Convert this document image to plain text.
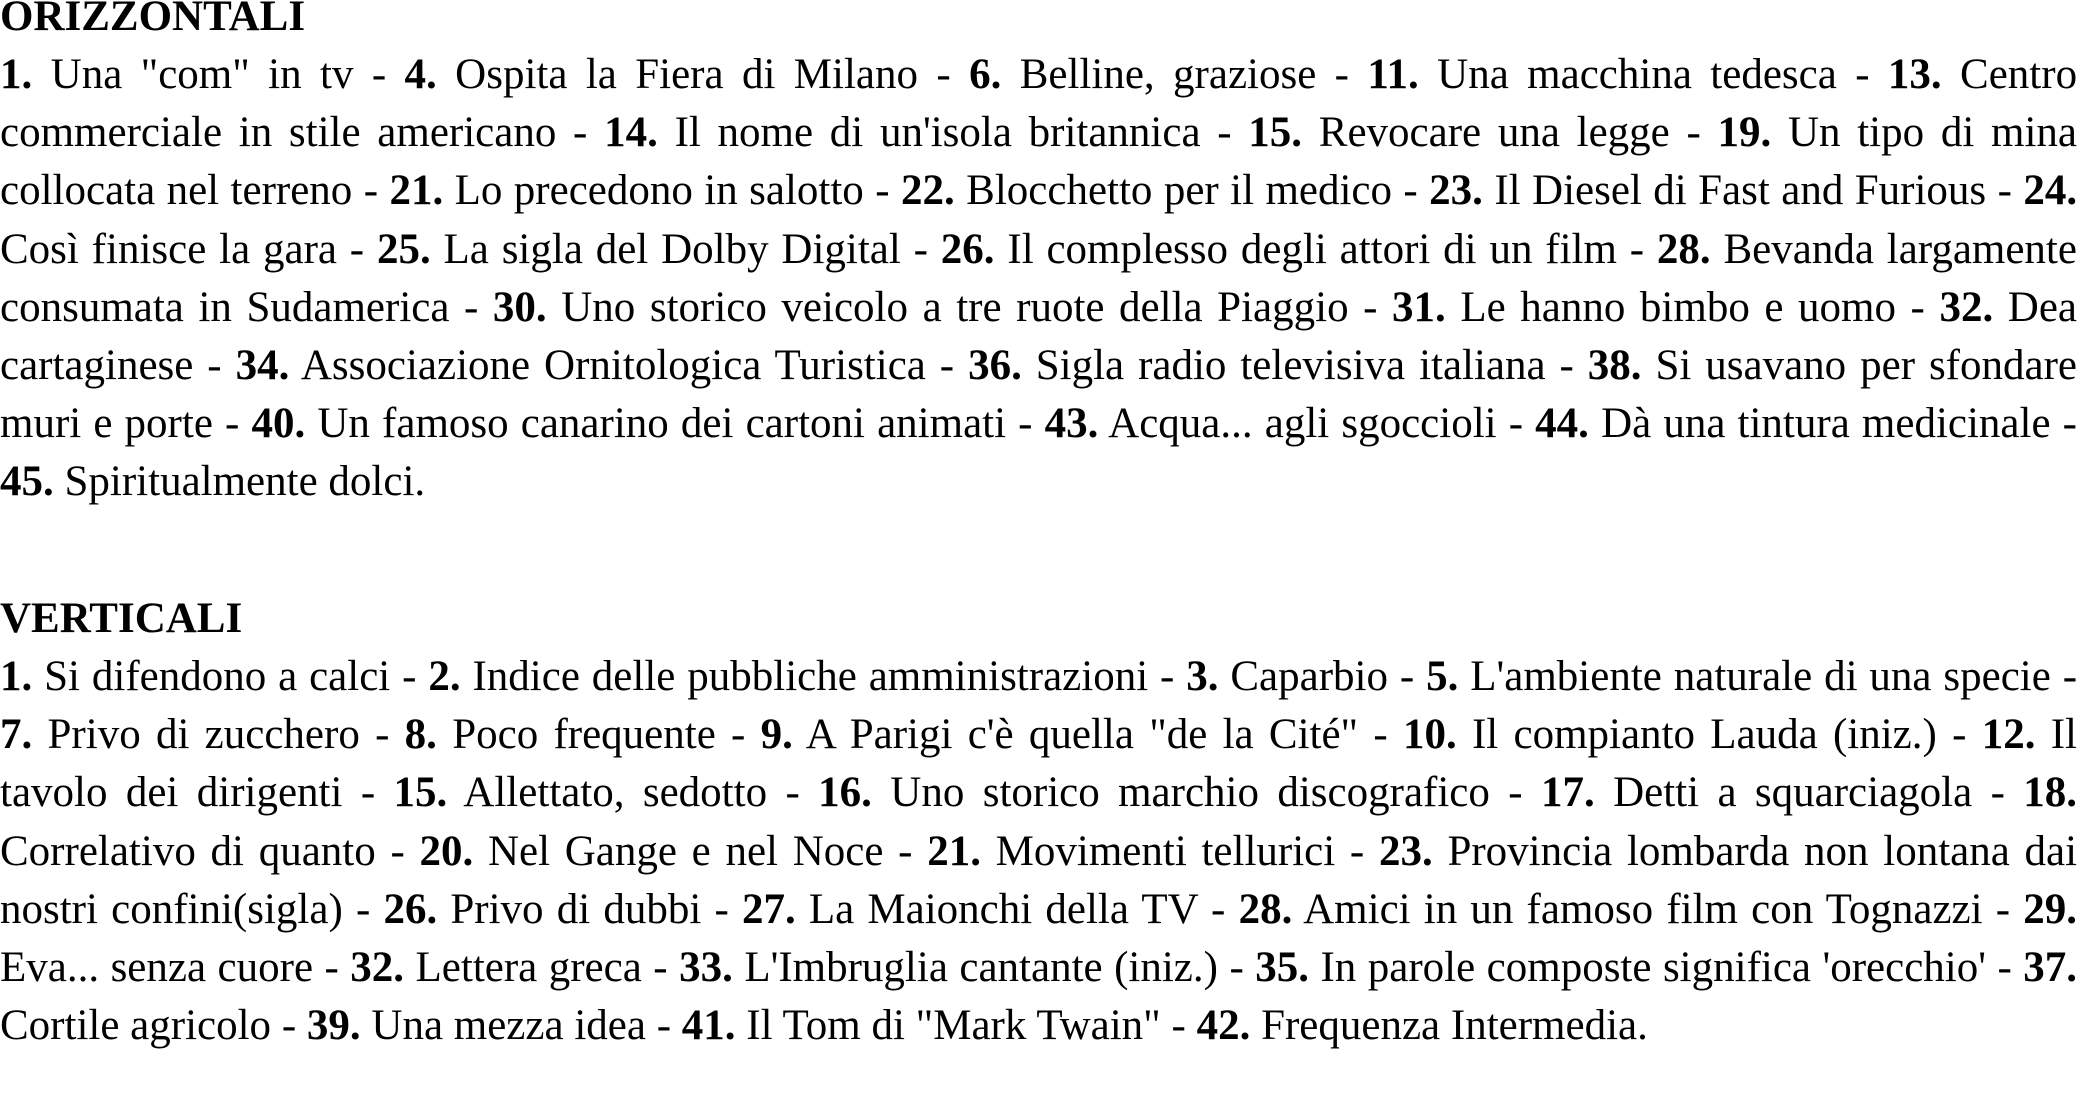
ORIZZONTALI

1. Una "com" in tv - 4. Ospita la Fiera di Milano - 6. Belline, graziose - 11. Una macchina tedesca - 13. Centro commerciale in stile americano - 14. Il nome di un'isola britannica - 15. Revocare una legge - 19. Un tipo di mina collocata nel terreno - 21. Lo precedono in salotto - 22. Blocchetto per il medico - 23. Il Diesel di Fast and Furious - 24. Così finisce la gara - 25. La sigla del Dolby Digital - 26. Il complesso degli attori di un film - 28. Bevanda largamente consumata in Sudamerica - 30. Uno storico veicolo a tre ruote della Piaggio - 31. Le hanno bimbo e uomo - 32. Dea cartaginese - 34. Associazione Ornitologica Turistica - 36. Sigla radio televisiva italiana - 38. Si usavano per sfondare muri e porte - 40. Un famoso canarino dei cartoni animati - 43. Acqua... agli sgoccioli - 44. Dà una tintura medicinale - 45. Spiritualmente dolci.

VERTICALI

1. Si difendono a calci - 2. Indice delle pubbliche amministrazioni - 3. Caparbio - 5. L'ambiente naturale di una specie - 7. Privo di zucchero - 8. Poco frequente - 9. A Parigi c'è quella "de la Cité" - 10. Il compianto Lauda (iniz.) - 12. Il tavolo dei dirigenti - 15. Allettato, sedotto - 16. Uno storico marchio discografico - 17. Detti a squarciagola - 18. Correlativo di quanto - 20. Nel Gange e nel Noce - 21. Movimenti tellurici - 23. Provincia lombarda non lontana dai nostri confini(sigla) - 26. Privo di dubbi - 27. La Maionchi della TV - 28. Amici in un famoso film con Tognazzi - 29. Eva... senza cuore - 32. Lettera greca - 33. L'Imbruglia cantante (iniz.) - 35. In parole composte significa 'orecchio' - 37. Cortile agricolo - 39. Una mezza idea - 41. Il Tom di "Mark Twain" - 42. Frequenza Intermedia.
